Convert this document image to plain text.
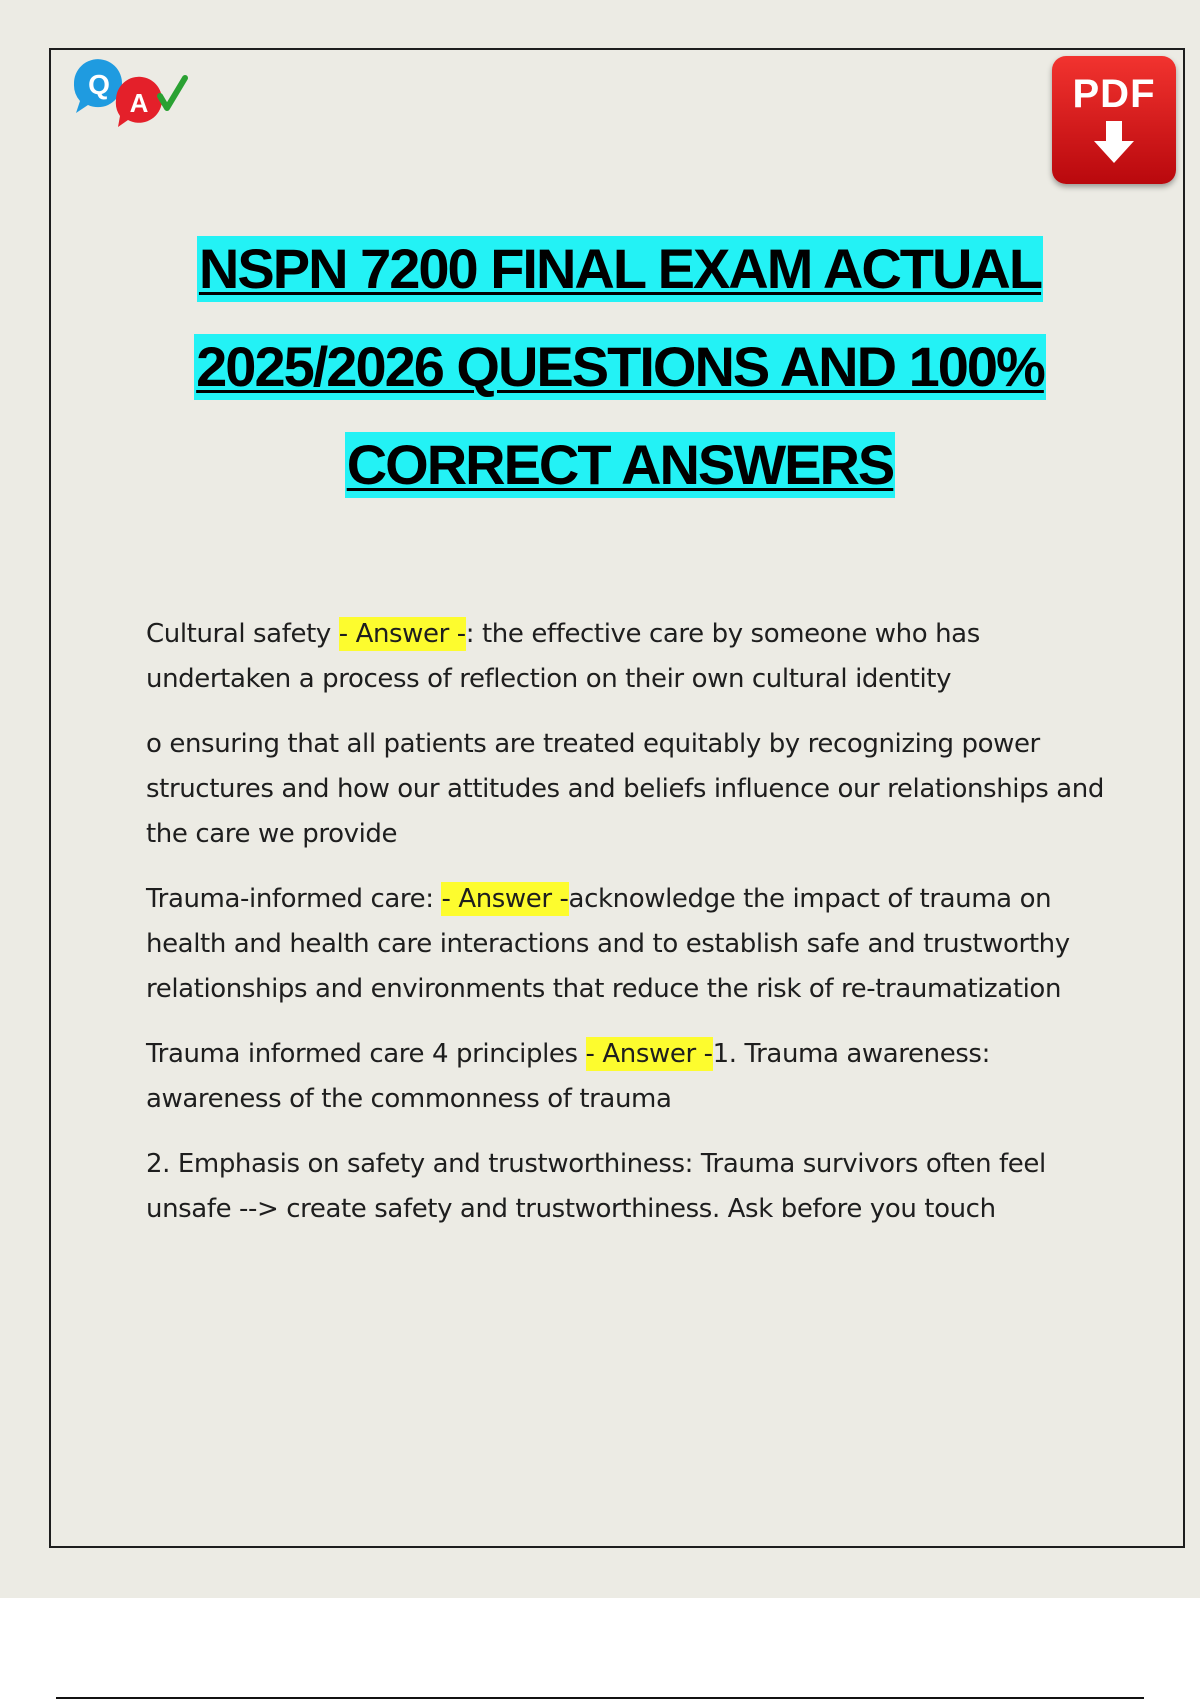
Q
A	PDF
NSPN 7200 FINAL EXAM ACTUAL
2025/2026 QUESTIONS AND 100%
CORRECT ANSWERS

Cultural safety - Answer -: the effective care by someone who has undertaken a process of reflection on their own cultural identity

o ensuring that all patients are treated equitably by recognizing power structures and how our attitudes and beliefs influence our relationships and the care we provide

Trauma-informed care: - Answer -acknowledge the impact of trauma on health and health care interactions and to establish safe and trustworthy relationships and environments that reduce the risk of re-traumatization

Trauma informed care 4 principles - Answer -1. Trauma awareness: awareness of the commonness of trauma

2. Emphasis on safety and trustworthiness: Trauma survivors often feel unsafe --> create safety and trustworthiness. Ask before you touch
